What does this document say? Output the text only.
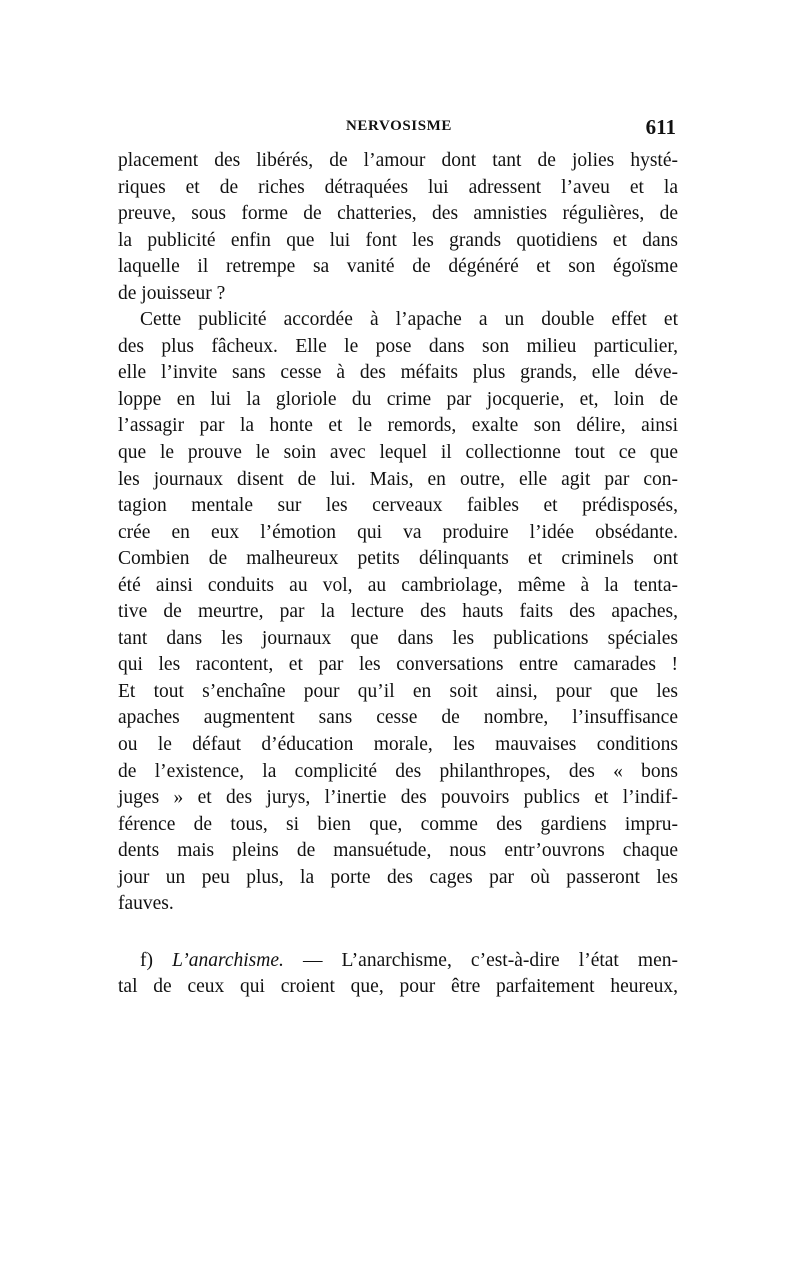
NERVOSISME	611
placement des libérés, de l’amour dont tant de jolies hysté-
riques et de riches détraquées lui adressent l’aveu et la
preuve, sous forme de chatteries, des amnisties régulières, de
la publicité enfin que lui font les grands quotidiens et dans
laquelle il retrempe sa vanité de dégénéré et son égoïsme
de jouisseur ?
Cette publicité accordée à l’apache a un double effet et
des plus fâcheux. Elle le pose dans son milieu particulier,
elle l’invite sans cesse à des méfaits plus grands, elle déve-
loppe en lui la gloriole du crime par jocquerie, et, loin de
l’assagir par la honte et le remords, exalte son délire, ainsi
que le prouve le soin avec lequel il collectionne tout ce que
les journaux disent de lui. Mais, en outre, elle agit par con-
tagion mentale sur les cerveaux faibles et prédisposés,
crée en eux l’émotion qui va produire l’idée obsédante.
Combien de malheureux petits délinquants et criminels ont
été ainsi conduits au vol, au cambriolage, même à la tenta-
tive de meurtre, par la lecture des hauts faits des apaches,
tant dans les journaux que dans les publications spéciales
qui les racontent, et par les conversations entre camarades !
Et tout s’enchaîne pour qu’il en soit ainsi, pour que les
apaches augmentent sans cesse de nombre, l’insuffisance
ou le défaut d’éducation morale, les mauvaises conditions
de l’existence, la complicité des philanthropes, des « bons
juges » et des jurys, l’inertie des pouvoirs publics et l’indif-
férence de tous, si bien que, comme des gardiens impru-
dents mais pleins de mansuétude, nous entr’ouvrons chaque
jour un peu plus, la porte des cages par où passeront les
fauves.
f) L’anarchisme. — L’anarchisme, c’est-à-dire l’état men-
tal de ceux qui croient que, pour être parfaitement heureux,
